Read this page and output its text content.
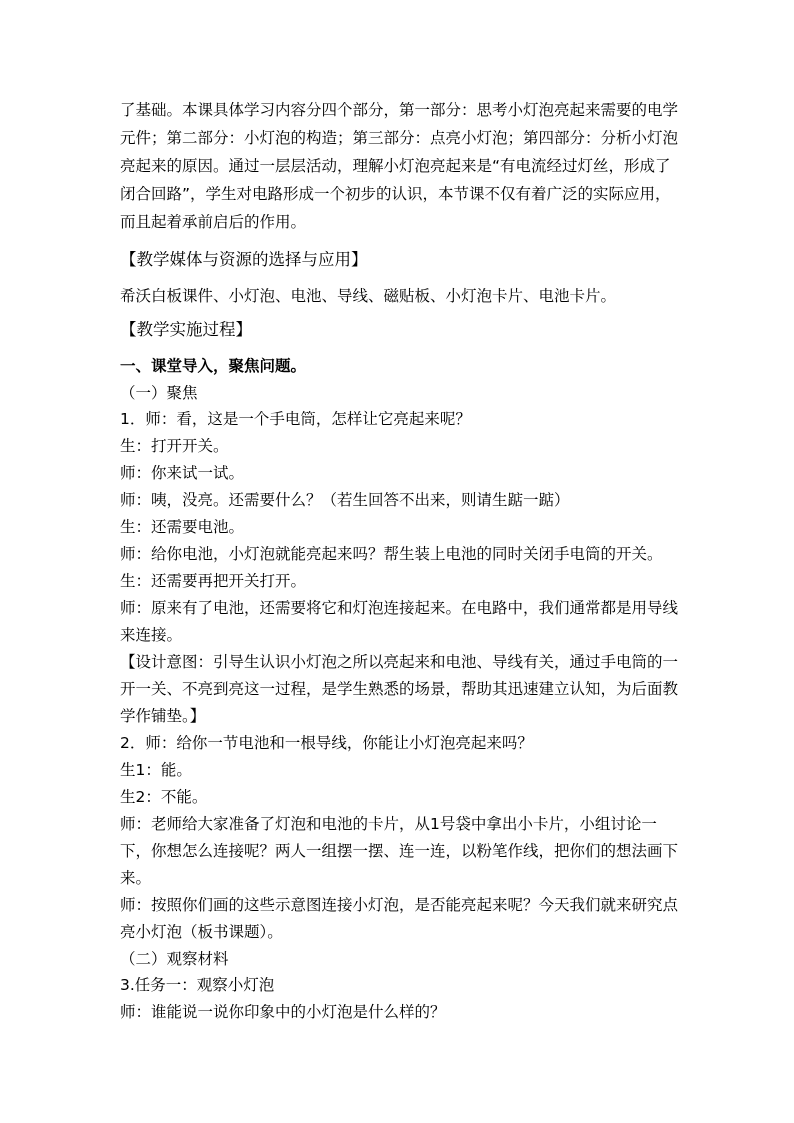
了基础。本课具体学习内容分四个部分，第一部分：思考小灯泡亮起来需要的电学元件；第二部分：小灯泡的构造；第三部分：点亮小灯泡；第四部分：分析小灯泡亮起来的原因。通过一层层活动，理解小灯泡亮起来是“有电流经过灯丝，形成了闭合回路”，学生对电路形成一个初步的认识，本节课不仅有着广泛的实际应用，而且起着承前启后的作用。

【教学媒体与资源的选择与应用】

希沃白板课件、小灯泡、电池、导线、磁贴板、小灯泡卡片、电池卡片。

【教学实施过程】

一、课堂导入，聚焦问题。

（一）聚焦

1．师：看，这是一个手电筒，怎样让它亮起来呢？

生：打开开关。

师：你来试一试。

师：咦，没亮。还需要什么？（若生回答不出来，则请生踮一踮）

生：还需要电池。

师：给你电池，小灯泡就能亮起来吗？帮生装上电池的同时关闭手电筒的开关。

生：还需要再把开关打开。

师：原来有了电池，还需要将它和灯泡连接起来。在电路中，我们通常都是用导线来连接。

【设计意图：引导生认识小灯泡之所以亮起来和电池、导线有关，通过手电筒的一开一关、不亮到亮这一过程，是学生熟悉的场景，帮助其迅速建立认知，为后面教学作铺垫。】

2．师：给你一节电池和一根导线，你能让小灯泡亮起来吗？

生1：能。

生2：不能。

师：老师给大家准备了灯泡和电池的卡片，从1号袋中拿出小卡片，小组讨论一下，你想怎么连接呢？两人一组摆一摆、连一连，以粉笔作线，把你们的想法画下来。

师：按照你们画的这些示意图连接小灯泡，是否能亮起来呢？今天我们就来研究点亮小灯泡（板书课题）。

（二）观察材料

3.任务一：观察小灯泡

师：谁能说一说你印象中的小灯泡是什么样的？
